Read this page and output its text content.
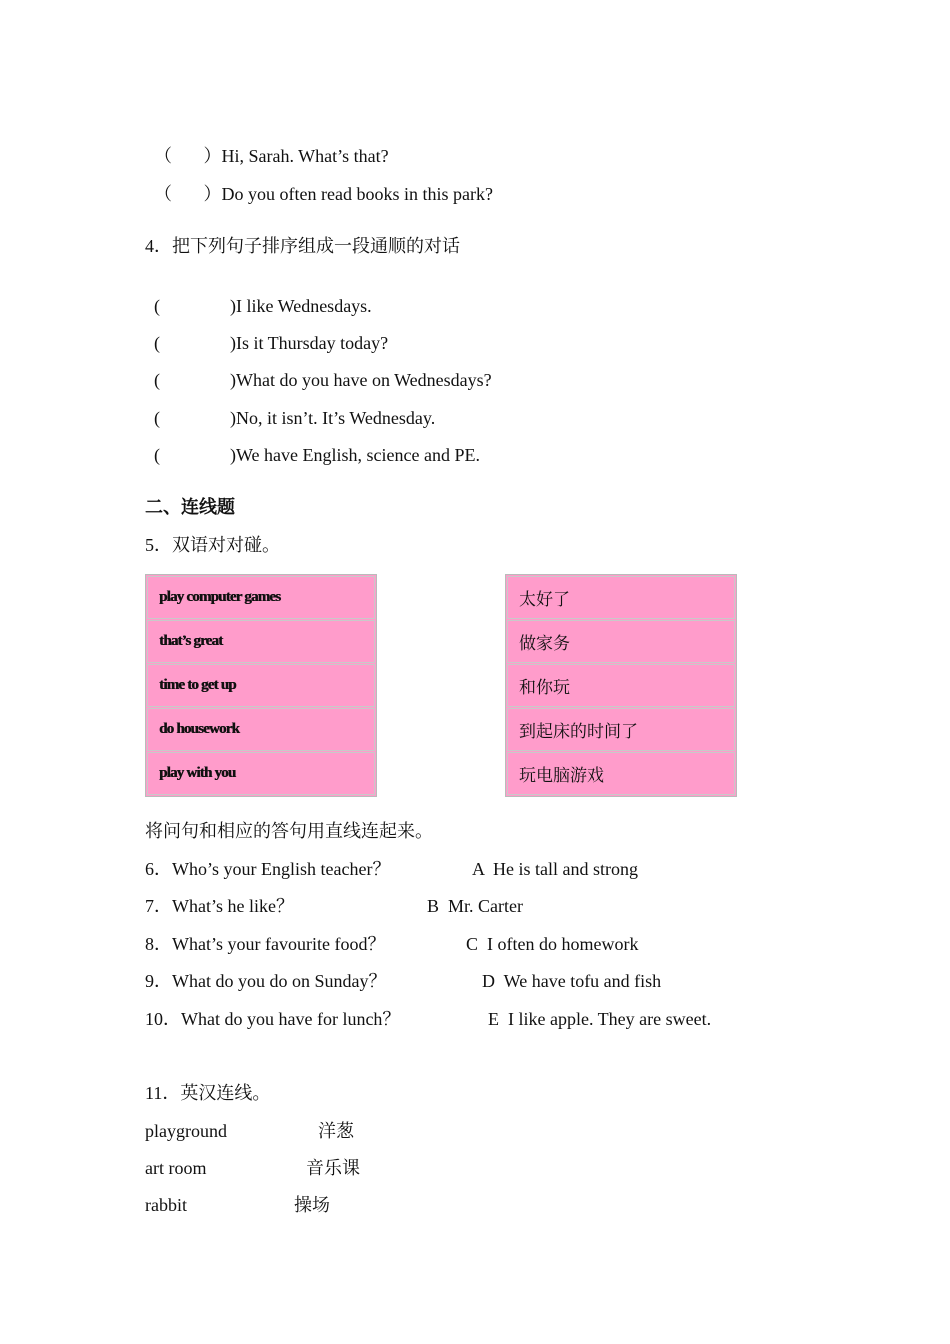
（       ）Hi, Sarah. What’s that?

（       ）Do you often read books in this park?

4．把下列句子排序组成一段通顺的对话

(	)I like Wednesdays.

(	)Is it Thursday today?

(	)What do you have on Wednesdays?

(	)No, it isn’t. It’s Wednesday.

(	)We have English, science and PE.

二、连线题
5．双语对对碰。
play computer games
that’s great
time to get up
do housework
play with you
太好了
做家务
和你玩
到起床的时间了
玩电脑游戏
将问句和相应的答句用直线连起来。
6．Who’s your English teacher？	A  He is tall and strong
7．What’s he like？	B  Mr. Carter
8．What’s your favourite food？	C  I often do homework
9．What do you do on Sunday？	D  We have tofu and fish
10．What do you have for lunch？	E  I like apple. They are sweet.
11．英汉连线。
playground	洋葱
art room	音乐课
rabbit	操场
